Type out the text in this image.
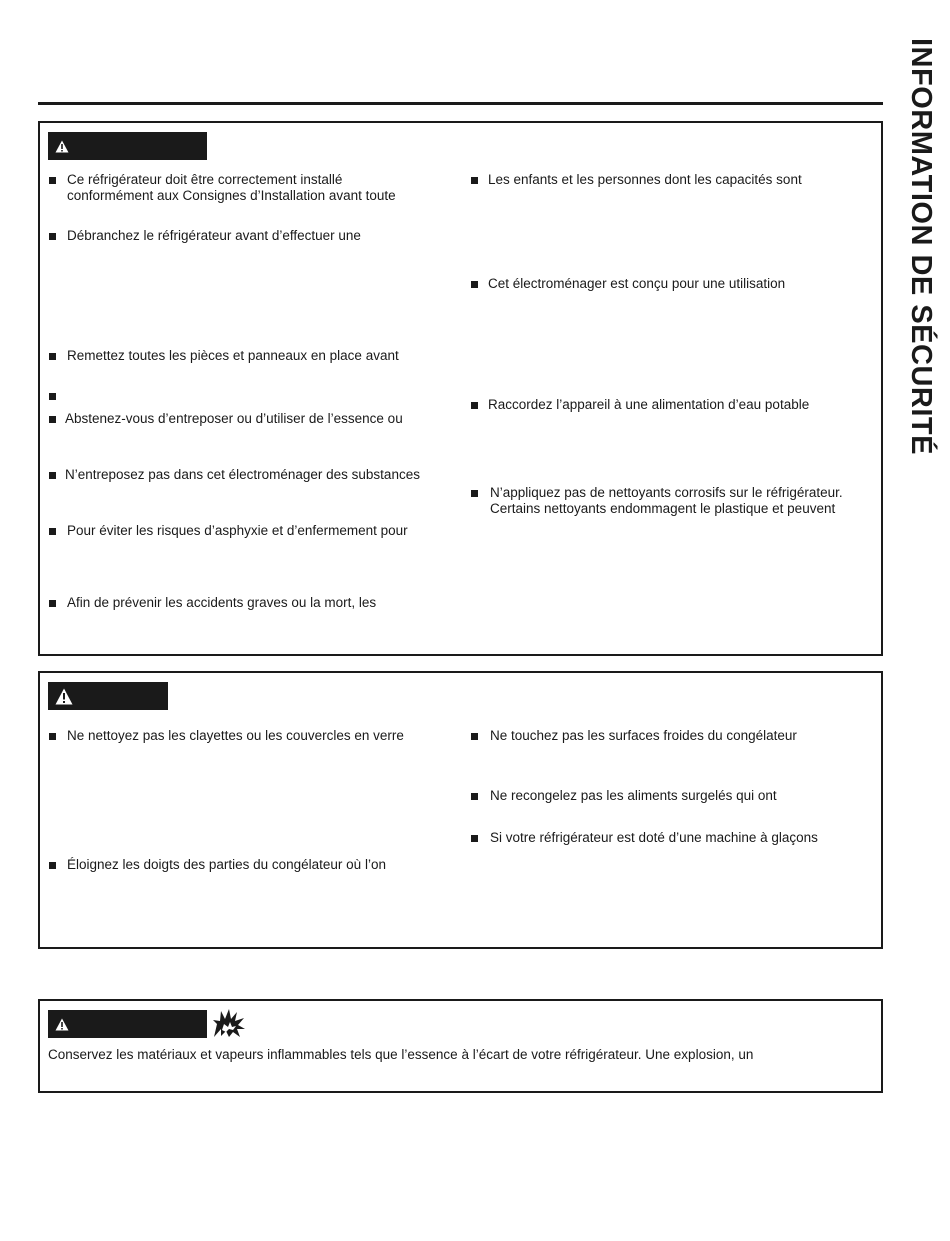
INFORMATION DE SÉCURITÉ
Ce réfrigérateur doit être correctement installé
conformément aux Consignes d’Installation avant toute
Débranchez le réfrigérateur avant d’effectuer une
Remettez toutes les pièces et panneaux en place avant
Abstenez-vous d’entreposer ou d’utiliser de l’essence ou
N’entreposez pas dans cet électroménager des substances
Pour éviter les risques d’asphyxie et d’enfermement pour
Afin de prévenir les accidents graves ou la mort, les
Les enfants et les personnes dont les capacités sont
Cet électroménager est conçu pour une utilisation
Raccordez l’appareil à une alimentation d’eau potable
N’appliquez pas de nettoyants corrosifs sur le réfrigérateur.
Certains nettoyants endommagent le plastique et peuvent
Ne nettoyez pas les clayettes ou les couvercles en verre
Éloignez les doigts des parties du congélateur où l’on
Ne touchez pas les surfaces froides du congélateur
Ne recongelez pas les aliments surgelés qui ont
Si votre réfrigérateur est doté d’une machine à glaçons
Conservez les matériaux et vapeurs inflammables tels que l’essence à l’écart de votre réfrigérateur. Une explosion, un
